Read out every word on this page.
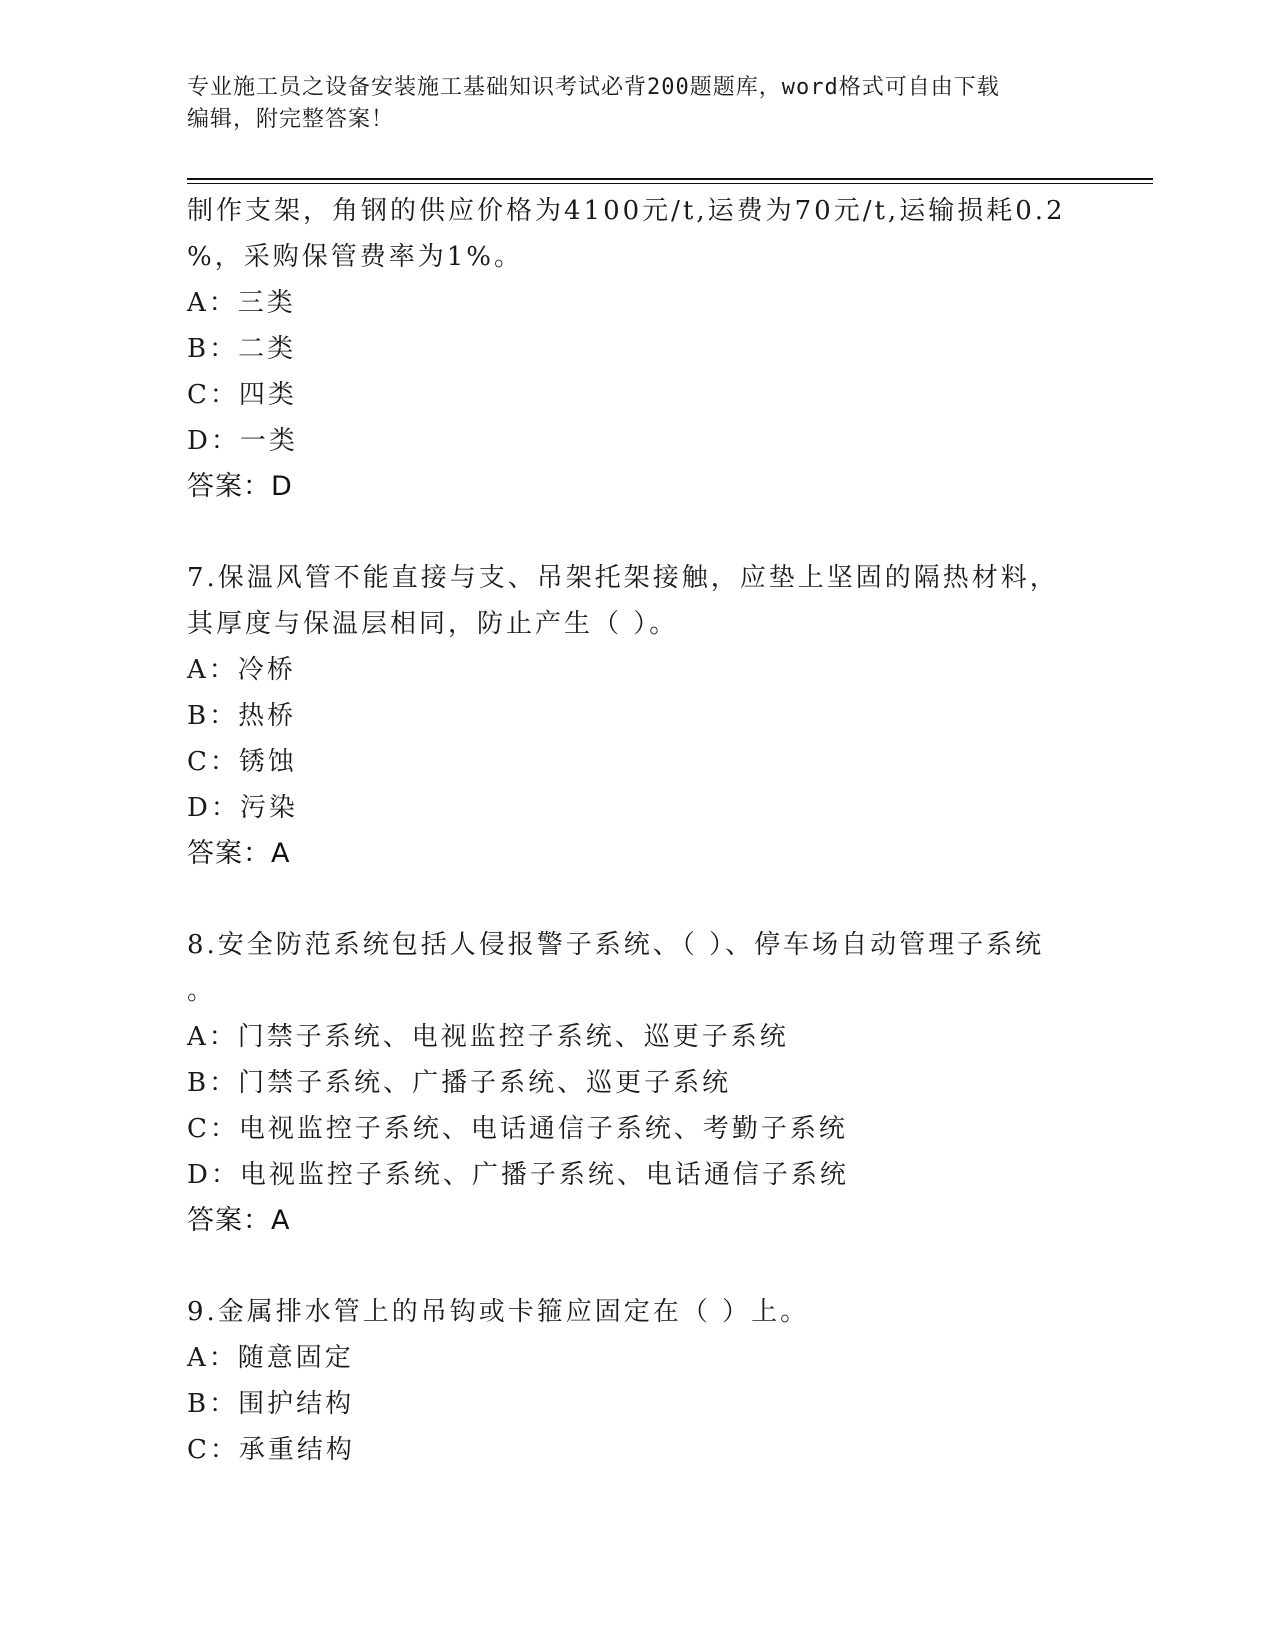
专业施工员之设备安装施工基础知识考试必背200题题库，word格式可自由下载
编辑，附完整答案！
制作支架，角钢的供应价格为4100元/t,运费为70元/t,运输损耗0.2
%，采购保管费率为1%。
A：三类
B：二类
C：四类
D：一类
答案：D
7.保温风管不能直接与支、吊架托架接触，应垫上坚固的隔热材料，
其厚度与保温层相同，防止产生（ ）。
A：冷桥
B：热桥
C：锈蚀
D：污染
答案：A
8.安全防范系统包括人侵报警子系统、（ ）、停车场自动管理子系统
。
A：门禁子系统、电视监控子系统、巡更子系统
B：门禁子系统、广播子系统、巡更子系统
C：电视监控子系统、电话通信子系统、考勤子系统
D：电视监控子系统、广播子系统、电话通信子系统
答案：A
9.金属排水管上的吊钩或卡箍应固定在（ ）上。
A：随意固定
B：围护结构
C：承重结构
